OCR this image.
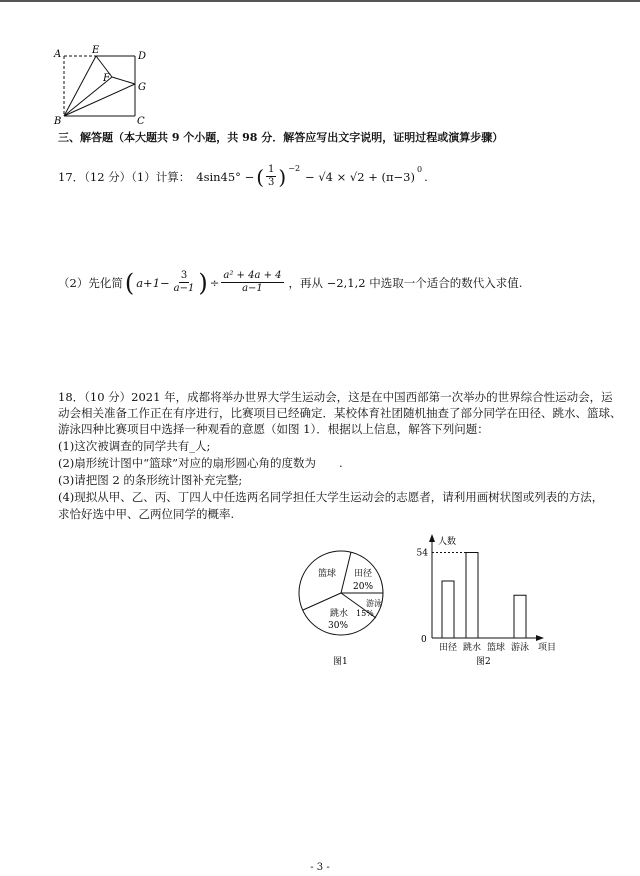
A	E
D
F
G
B	C
三、解答题（本大题共 9 个小题，共 98 分．解答应写出文字说明，证明过程或演算步骤）
17．（12 分）（1）计算： 4sin45° − ( $\frac{1}{3}$ ) $^{-2}$
− √4 × √2 + (π−3)
$^0$
.
（2）先化简 ( $a+1- \frac{3}{a-1}$ ) ÷ $\frac{\text{a² + 4a + 4}}{a-1}$ ，再从 −2,1,2 中选取一个适合的数代入求值.
18．（10 分）2021 年，成都将举办世界大学生运动会，这是在中国西部第一次举办的世界综合性运动会，运
动会相关准备工作正在有序进行，比赛项目已经确定．某校体育社团随机抽查了部分同学在田径、跳水、篮球、
游泳四种比赛项目中选择一种观看的意愿（如图 1）．根据以上信息，解答下列问题：
(1)这次被调查的同学共有_人;
(2)扇形统计图中“篮球”对应的扇形圆心角的度数为　　.
(3)请把图 2 的条形统计图补充完整;
(4)现拟从甲、乙、丙、丁四人中任选两名同学担任大学生运动会的志愿者，请利用画树状图或列表的方法，
求恰好选中甲、乙两位同学的概率.
篮球 田径
20%
游泳
15%
跳水
30%
图1
人数
项目
0
田径 跳水 篮球 游泳
54
图2
- 3 -
